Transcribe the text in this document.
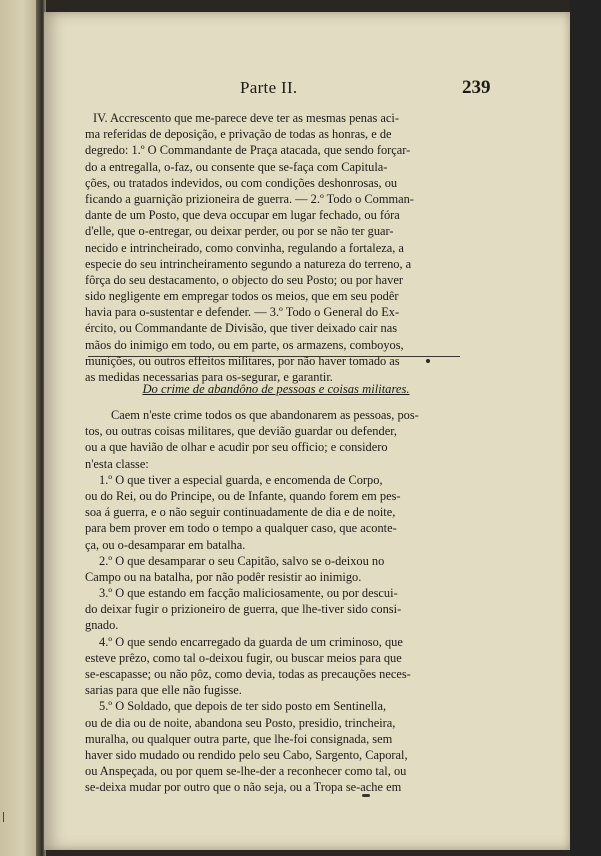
Parte II.	239
IV. Accrescento que me-parece deve ter as mesmas penas aci-
ma referidas de deposição, e privação de todas as honras, e de
degredo: 1.º O Commandante de Praça atacada, que sendo forçar-
do a entregalla, o-faz, ou consente que se-faça com Capitula-
ções, ou tratados indevidos, ou com condições deshonrosas, ou
ficando a guarnição prizioneira de guerra. — 2.º Todo o Comman-
dante de um Posto, que deva occupar em lugar fechado, ou fóra
d'elle, que o-entregar, ou deixar perder, ou por se não ter guar-
necido e intrincheirado, como convinha, regulando a fortaleza, a
especie do seu intrincheiramento segundo a natureza do terreno, a
fôrça do seu destacamento, o objecto do seu Posto; ou por haver
sido negligente em empregar todos os meios, que em seu podêr
havia para o-sustentar e defender. — 3.º Todo o General do Ex-
ército, ou Commandante de Divisão, que tiver deixado cair nas
mãos do inimigo em todo, ou em parte, os armazens, comboyos,
munições, ou outros effeitos militares, por não haver tomado as
as medidas necessarias para os-segurar, e garantir.
Do crime de abandôno de pessoas e coisas militares.
Caem n'este crime todos os que abandonarem as pessoas, pos-
tos, ou outras coisas militares, que devião guardar ou defender,
ou a que havião de olhar e acudir por seu officio; e considero
n'esta classe:
1.º O que tiver a especial guarda, e encomenda de Corpo,
ou do Rei, ou do Principe, ou de Infante, quando forem em pes-
soa á guerra, e o não seguir continuadamente de dia e de noite,
para bem prover em todo o tempo a qualquer caso, que aconte-
ça, ou o-desamparar em batalha.
2.º O que desamparar o seu Capitão, salvo se o-deixou no
Campo ou na batalha, por não podêr resistir ao inimigo.
3.º O que estando em facção maliciosamente, ou por descui-
do deixar fugir o prizioneiro de guerra, que lhe-tiver sido consi-
gnado.
4.º O que sendo encarregado da guarda de um criminoso, que
esteve prêzo, como tal o-deixou fugir, ou buscar meios para que
se-escapasse; ou não pôz, como devia, todas as precauções neces-
sarias para que elle não fugisse.
5.º O Soldado, que depois de ter sido posto em Sentinella,
ou de dia ou de noite, abandona seu Posto, presidio, trincheira,
muralha, ou qualquer outra parte, que lhe-foi consignada, sem
haver sido mudado ou rendido pelo seu Cabo, Sargento, Caporal,
ou Anspeçada, ou por quem se-lhe-der a reconhecer como tal, ou
se-deixa mudar por outro que o não seja, ou a Tropa se-ache em
